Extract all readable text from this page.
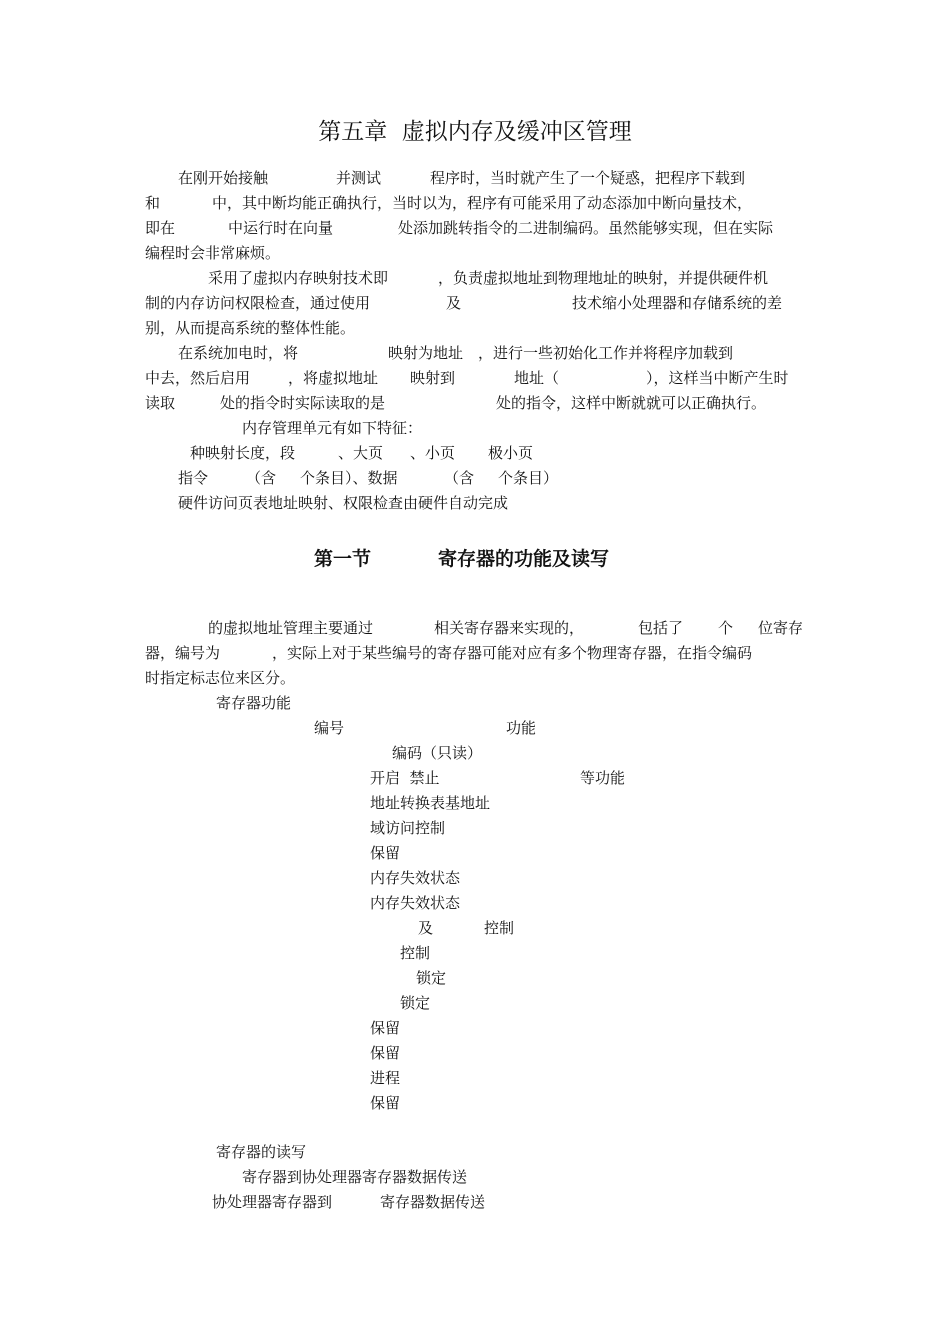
第五章  虚拟内存及缓冲区管理
在刚开始接触	并测试	程序时，当时就产生了一个疑惑，把程序下载到
和	中，其中断均能正确执行，当时以为，程序有可能采用了动态添加中断向量技术，
即在	中运行时在向量	处添加跳转指令的二进制编码。虽然能够实现，但在实际
编程时会非常麻烦。
采用了虚拟内存映射技术即	，负责虚拟地址到物理地址的映射，并提供硬件机
制的内存访问权限检查，通过使用	及	技术缩小处理器和存储系统的差
别，从而提高系统的整体性能。
在系统加电时，将	映射为地址 ，进行一些初始化工作并将程序加载到
中去，然后启用	，将虚拟地址 映射到	地址（	），这样当中断产生时
读取	处的指令时实际读取的是	处的指令，这样中断就就可以正确执行。
内存管理单元有如下特征：
种映射长度，段	、大页 、小页 极小页
指令	（含 个条目）、数据	（含 个条目）
硬件访问页表地址映射、权限检查由硬件自动完成
第一节	寄存器的功能及读写
的虚拟地址管理主要通过	相关寄存器来实现的，	包括了 个 位寄存
器，编号为	，实际上对于某些编号的寄存器可能对应有多个物理寄存器，在指令编码
时指定标志位来区分。
寄存器功能
编号	功能
编码（只读）
开启  禁止	等功能
地址转换表基地址
域访问控制
保留
内存失效状态
内存失效状态
及	控制
控制
锁定
锁定
保留
保留
进程
保留
寄存器的读写
寄存器到协处理器寄存器数据传送
协处理器寄存器到	寄存器数据传送
